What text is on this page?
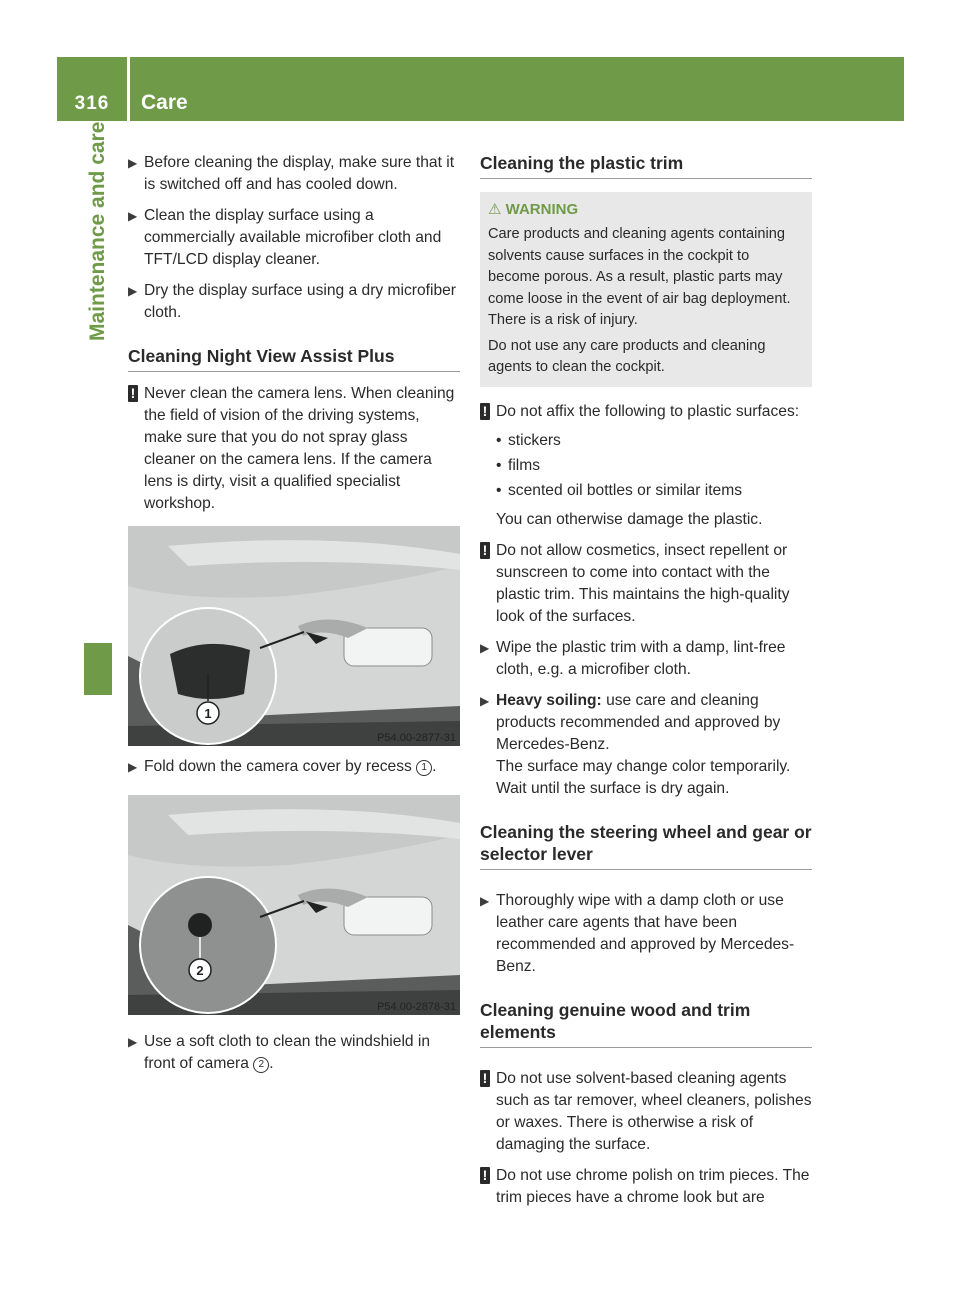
316	Care
Maintenance and care ▶ Before cleaning the display, make sure that it is switched off and has cooled down.
▶ Clean the display surface using a commercially available microfiber cloth and TFT/LCD display cleaner.
▶ Dry the display surface using a dry microfiber cloth.
Cleaning Night View Assist Plus
! Never clean the camera lens. When cleaning the field of vision of the driving systems, make sure that you do not spray glass cleaner on the camera lens. If the camera lens is dirty, visit a qualified specialist workshop.
1
P54.00-2877-31
▶ Fold down the camera cover by recess 1 .
2
P54.00-2878-31
▶ Use a soft cloth to clean the windshield in front of camera 2 .
Cleaning the plastic trim
⚠ WARNING

Care products and cleaning agents containing solvents cause surfaces in the cockpit to become porous. As a result, plastic parts may come loose in the event of air bag deployment. There is a risk of injury.

Do not use any care products and cleaning agents to clean the cockpit.

! Do not affix the following to plastic surfaces:
• stickers
• films
• scented oil bottles or similar items
You can otherwise damage the plastic.
! Do not allow cosmetics, insect repellent or sunscreen to come into contact with the plastic trim. This maintains the high-quality look of the surfaces.
▶ Wipe the plastic trim with a damp, lint-free cloth, e.g. a microfiber cloth.
▶ Heavy soiling: use care and cleaning products recommended and approved by Mercedes-Benz.
The surface may change color temporarily. Wait until the surface is dry again.
Cleaning the steering wheel and gear or selector lever
▶ Thoroughly wipe with a damp cloth or use leather care agents that have been recommended and approved by Mercedes-Benz.
Cleaning genuine wood and trim elements
! Do not use solvent-based cleaning agents such as tar remover, wheel cleaners, polishes or waxes. There is otherwise a risk of damaging the surface.
! Do not use chrome polish on trim pieces. The trim pieces have a chrome look but are
